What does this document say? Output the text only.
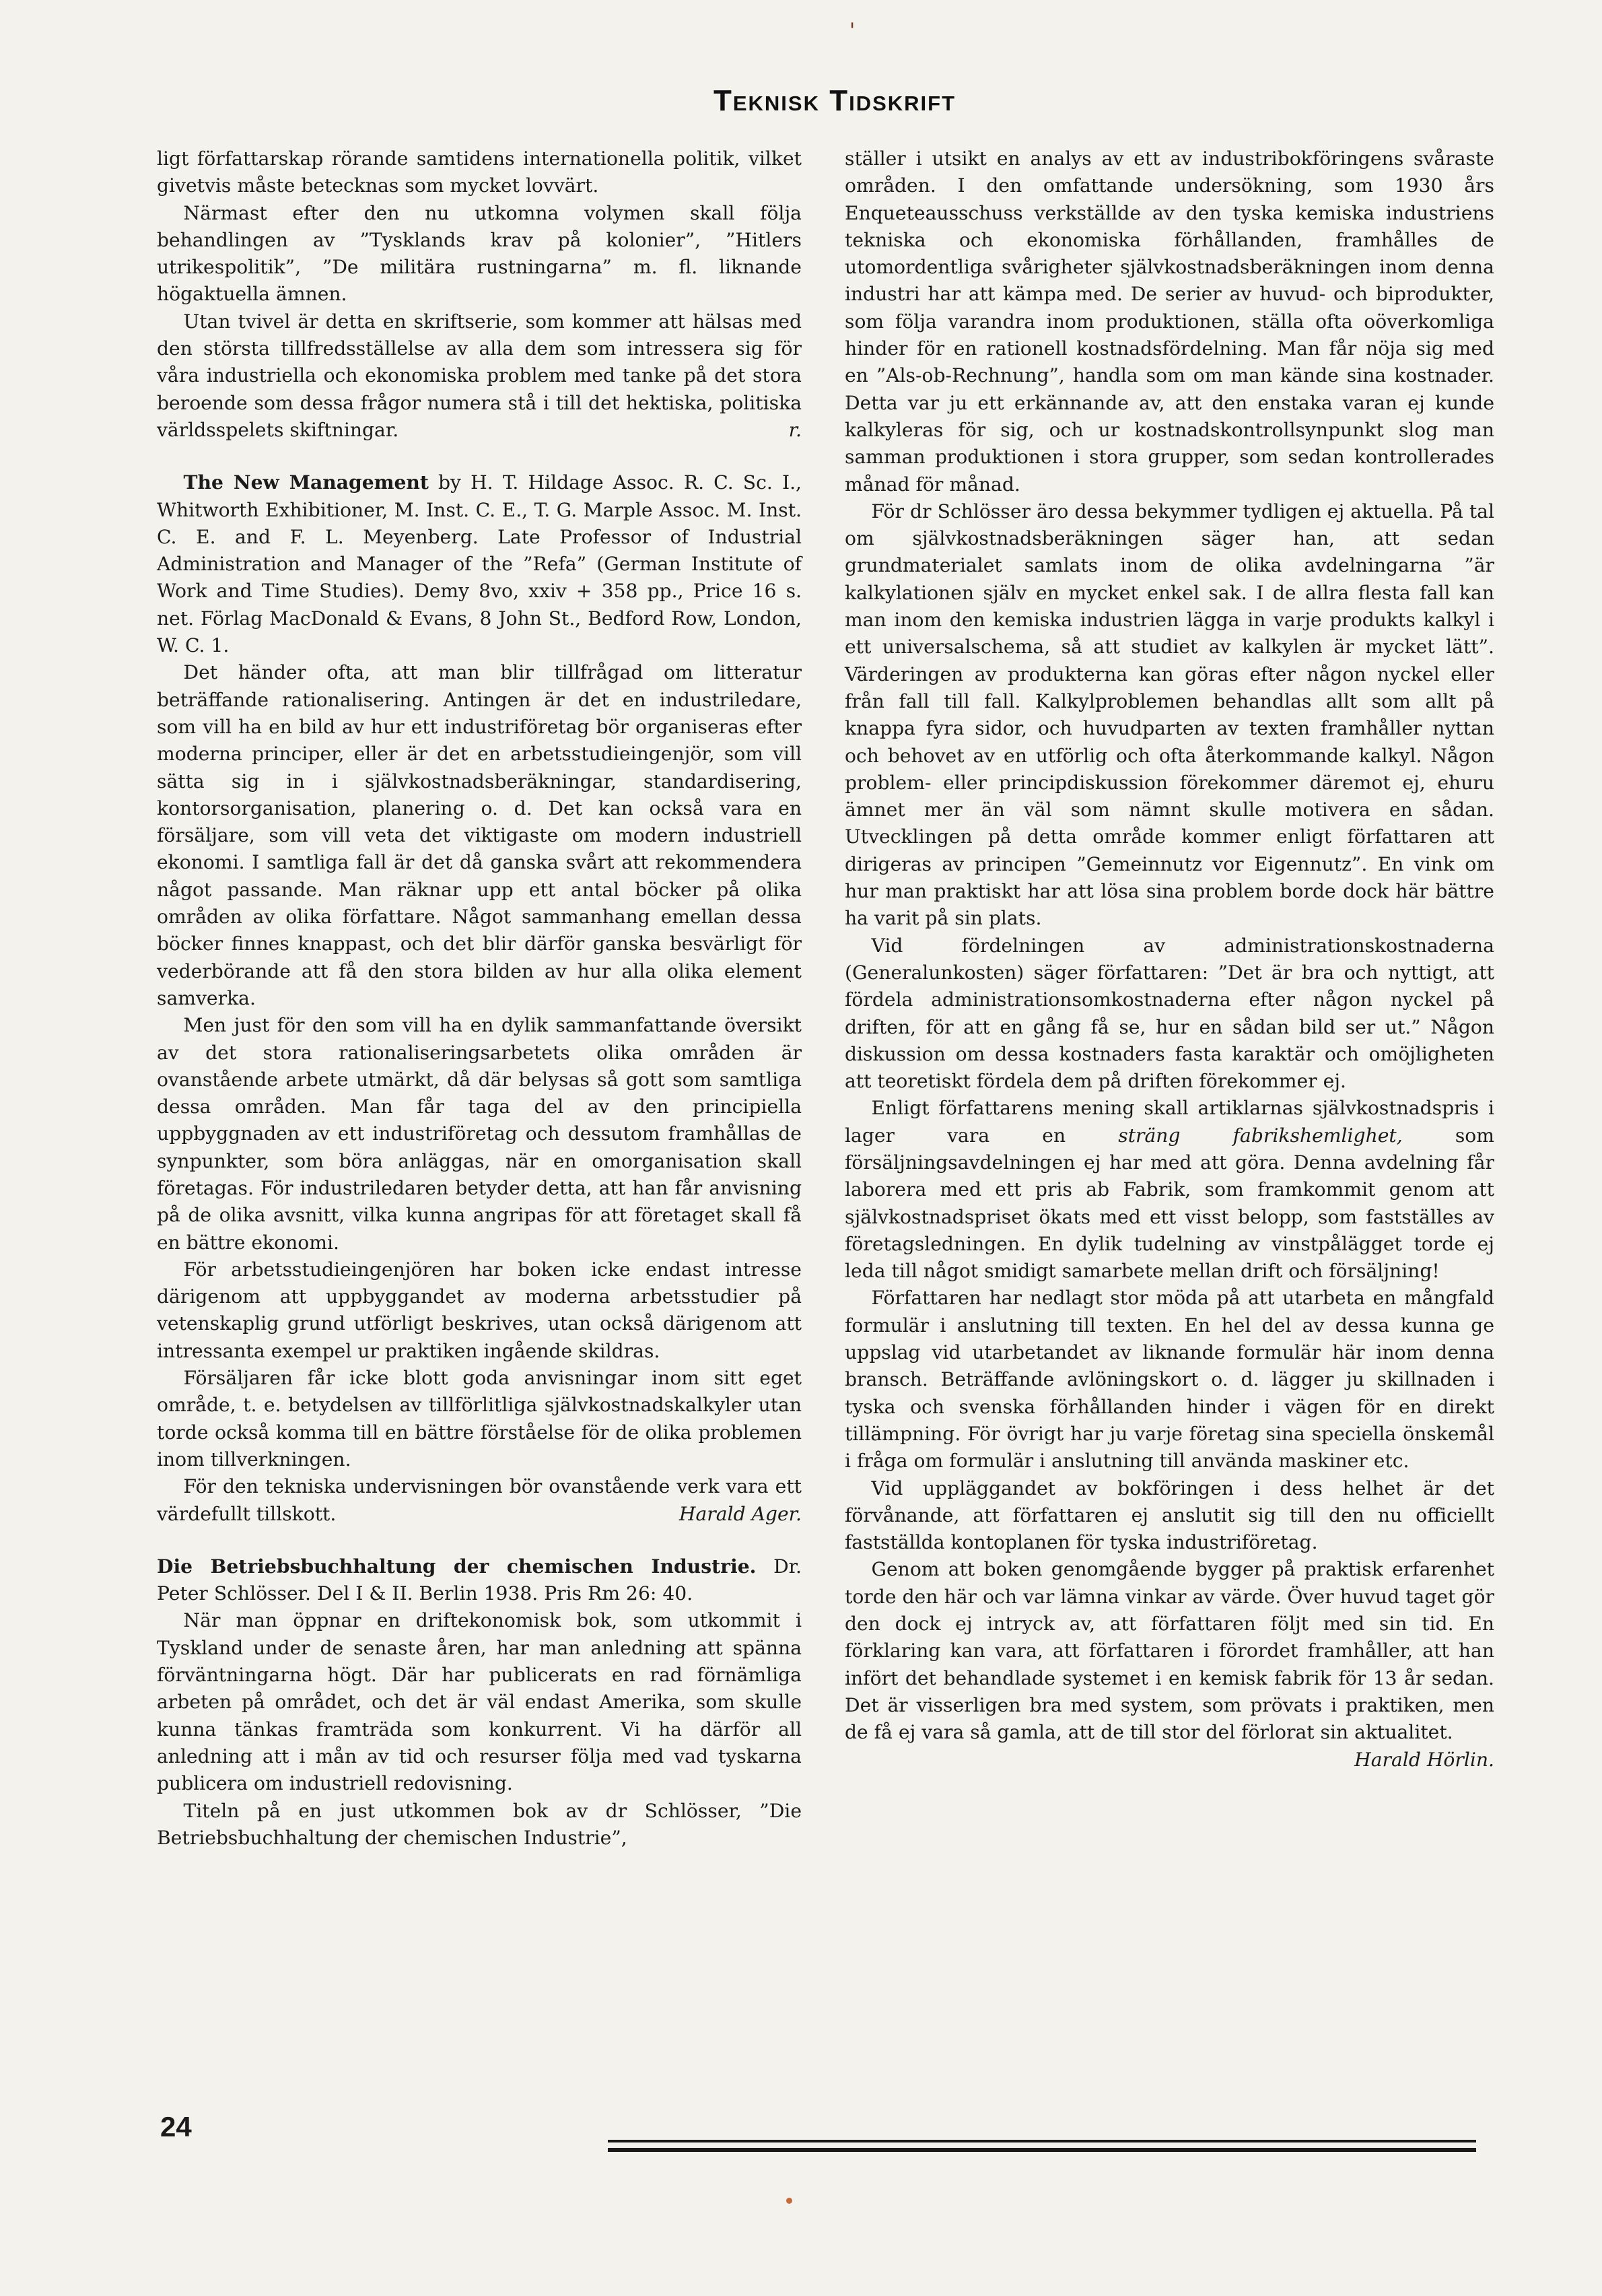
'
Teknisk Tidskrift

ligt författarskap rörande samtidens internationella politik, vilket givetvis måste betecknas som mycket lovvärt.

Närmast efter den nu utkomna volymen skall följa behandlingen av ”Tysklands krav på kolonier”, ”Hitlers utrikespolitik”, ”De militära rustningarna” m. fl. liknande högaktuella ämnen.

Utan tvivel är detta en skriftserie, som kommer att hälsas med den största tillfredsställelse av alla dem som intressera sig för våra industriella och ekonomiska problem med tanke på det stora beroende som dessa frågor numera stå i till det hektiska, politiska världsspelets skiftningar.	r.

The New Management by H. T. Hildage Assoc. R. C. Sc. I., Whitworth Exhibitioner, M. Inst. C. E., T. G. Marple Assoc. M. Inst. C. E. and F. L. Meyenberg. Late Professor of Industrial Administration and Manager of the ”Refa” (German Institute of Work and Time Studies). Demy 8vo, xxiv + 358 pp., Price 16 s. net. Förlag MacDonald & Evans, 8 John St., Bedford Row, London, W. C. 1.

Det händer ofta, att man blir tillfrågad om litteratur beträffande rationalisering. Antingen är det en industriledare, som vill ha en bild av hur ett industriföretag bör organiseras efter moderna principer, eller är det en arbetsstudieingenjör, som vill sätta sig in i självkostnadsberäkningar, standardisering, kontorsorganisation, planering o. d. Det kan också vara en försäljare, som vill veta det viktigaste om modern industriell ekonomi. I samtliga fall är det då ganska svårt att rekommendera något passande. Man räknar upp ett antal böcker på olika områden av olika författare. Något sammanhang emellan dessa böcker finnes knappast, och det blir därför ganska besvärligt för vederbörande att få den stora bilden av hur alla olika element samverka.

Men just för den som vill ha en dylik sammanfattande översikt av det stora rationaliseringsarbetets olika områden är ovanstående arbete utmärkt, då där belysas så gott som samtliga dessa områden. Man får taga del av den principiella uppbyggnaden av ett industriföretag och dessutom framhållas de synpunkter, som böra anläggas, när en omorganisation skall företagas. För industriledaren betyder detta, att han får anvisning på de olika avsnitt, vilka kunna angripas för att företaget skall få en bättre ekonomi.

För arbetsstudieingenjören har boken icke endast intresse därigenom att uppbyggandet av moderna arbetsstudier på vetenskaplig grund utförligt beskrives, utan också därigenom att intressanta exempel ur praktiken ingående skildras.

Försäljaren får icke blott goda anvisningar inom sitt eget område, t. e. betydelsen av tillförlitliga självkostnadskalkyler utan torde också komma till en bättre förståelse för de olika problemen inom tillverkningen.

För den tekniska undervisningen bör ovanstående verk vara ett värdefullt tillskott.	Harald Ager.

Die Betriebsbuchhaltung der chemischen Industrie. Dr. Peter Schlösser. Del I & II. Berlin 1938. Pris Rm 26: 40.

När man öppnar en driftekonomisk bok, som utkommit i Tyskland under de senaste åren, har man anledning att spänna förväntningarna högt. Där har publicerats en rad förnämliga arbeten på området, och det är väl endast Amerika, som skulle kunna tänkas framträda som konkurrent. Vi ha därför all anledning att i mån av tid och resurser följa med vad tyskarna publicera om industriell redovisning.

Titeln på en just utkommen bok av dr Schlösser, ”Die Betriebsbuchhaltung der chemischen Industrie”,

ställer i utsikt en analys av ett av industribokföringens svåraste områden. I den omfattande undersökning, som 1930 års Enqueteausschuss verkställde av den tyska kemiska industriens tekniska och ekonomiska förhållanden, framhålles de utomordentliga svårigheter självkostnadsberäkningen inom denna industri har att kämpa med. De serier av huvud- och biprodukter, som följa varandra inom produktionen, ställa ofta oöverkomliga hinder för en rationell kostnadsfördelning. Man får nöja sig med en ”Als-ob-Rechnung”, handla som om man kände sina kostnader. Detta var ju ett erkännande av, att den enstaka varan ej kunde kalkyleras för sig, och ur kostnadskontrollsynpunkt slog man samman produktionen i stora grupper, som sedan kontrollerades månad för månad.

För dr Schlösser äro dessa bekymmer tydligen ej aktuella. På tal om självkostnadsberäkningen säger han, att sedan grundmaterialet samlats inom de olika avdelningarna ”är kalkylationen själv en mycket enkel sak. I de allra flesta fall kan man inom den kemiska industrien lägga in varje produkts kalkyl i ett universalschema, så att studiet av kalkylen är mycket lätt”. Värderingen av produkterna kan göras efter någon nyckel eller från fall till fall. Kalkylproblemen behandlas allt som allt på knappa fyra sidor, och huvudparten av texten framhåller nyttan och behovet av en utförlig och ofta återkommande kalkyl. Någon problem- eller principdiskussion förekommer däremot ej, ehuru ämnet mer än väl som nämnt skulle motivera en sådan. Utvecklingen på detta område kommer enligt författaren att dirigeras av principen ”Gemeinnutz vor Eigennutz”. En vink om hur man praktiskt har att lösa sina problem borde dock här bättre ha varit på sin plats.

Vid fördelningen av administrationskostnaderna (Generalunkosten) säger författaren: ”Det är bra och nyttigt, att fördela administrationsomkostnaderna efter någon nyckel på driften, för att en gång få se, hur en sådan bild ser ut.” Någon diskussion om dessa kostnaders fasta karaktär och omöjligheten att teoretiskt fördela dem på driften förekommer ej.

Enligt författarens mening skall artiklarnas självkostnadspris i lager vara en	sträng fabrikshemlighet,	som försäljningsavdelningen ej har med att göra. Denna avdelning får laborera med ett pris ab Fabrik, som framkommit genom att självkostnadspriset ökats med ett visst belopp, som fastställes av företagsledningen. En dylik tudelning av vinstpålägget torde ej leda till något smidigt samarbete mellan drift och försäljning!

Författaren har nedlagt stor möda på att utarbeta en mångfald formulär i anslutning till texten. En hel del av dessa kunna ge uppslag vid utarbetandet av liknande formulär här inom denna bransch. Beträffande avlöningskort o. d. lägger ju skillnaden i tyska och svenska förhållanden hinder i vägen för en direkt tillämpning. För övrigt har ju varje företag sina speciella önskemål i fråga om formulär i anslutning till använda maskiner etc.

Vid uppläggandet av bokföringen i dess helhet är det förvånande, att författaren ej anslutit sig till den nu officiellt fastställda kontoplanen för tyska industriföretag.

Genom att boken genomgående bygger på praktisk erfarenhet torde den här och var lämna vinkar av värde. Över huvud taget gör den dock ej intryck av, att författaren följt med sin tid. En förklaring kan vara, att författaren i förordet framhåller, att han infört det behandlade systemet i en kemisk fabrik för 13 år sedan. Det är visserligen bra med system, som prövats i praktiken, men de få ej vara så gamla, att de till stor del förlorat sin aktualitet.

Harald Hörlin.
24
